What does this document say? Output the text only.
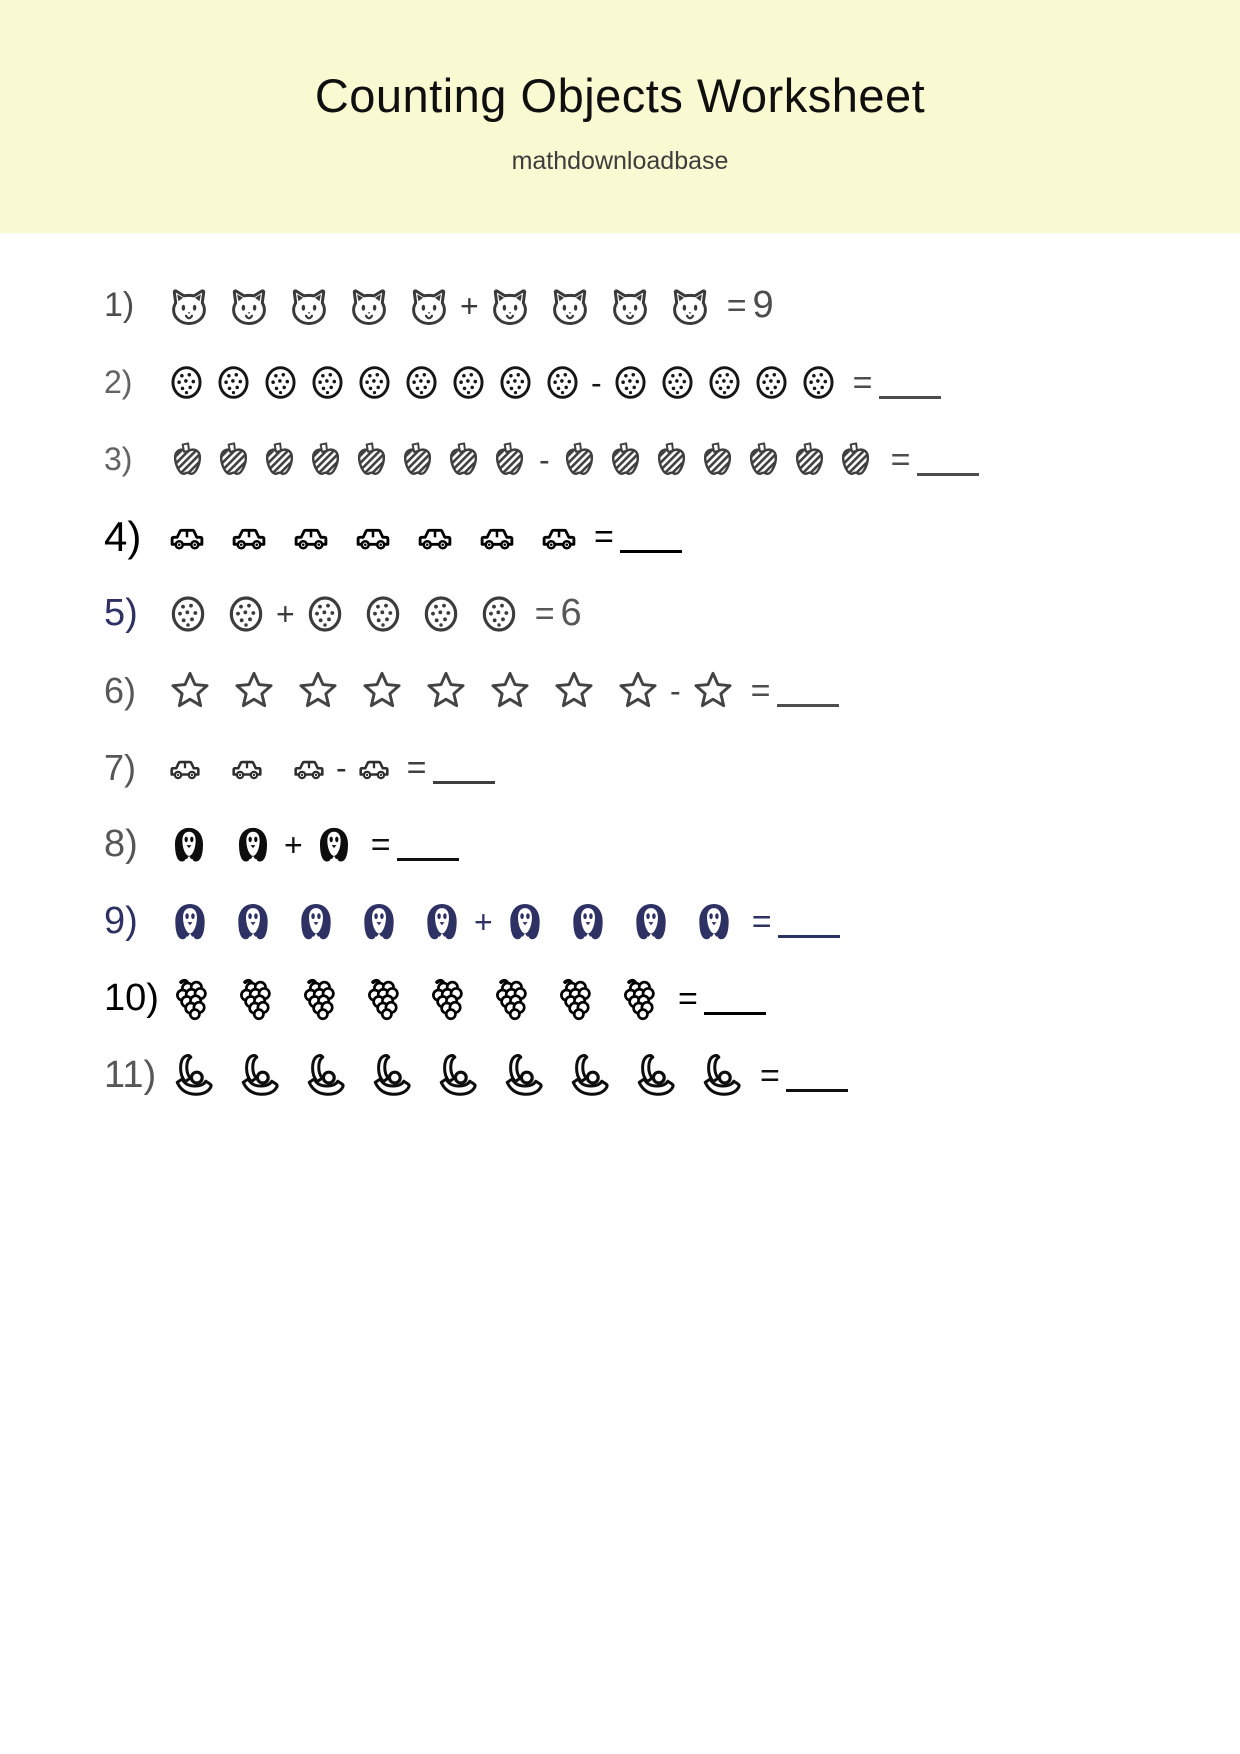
Counting Objects Worksheet
mathdownloadbase
1)	+	= 9
2)	-	=
3)	-	=
4)	=
5)	+	= 6
6)	- =
7)	- =
8)	+ =
9)	+	=
10)	=
11)	=
